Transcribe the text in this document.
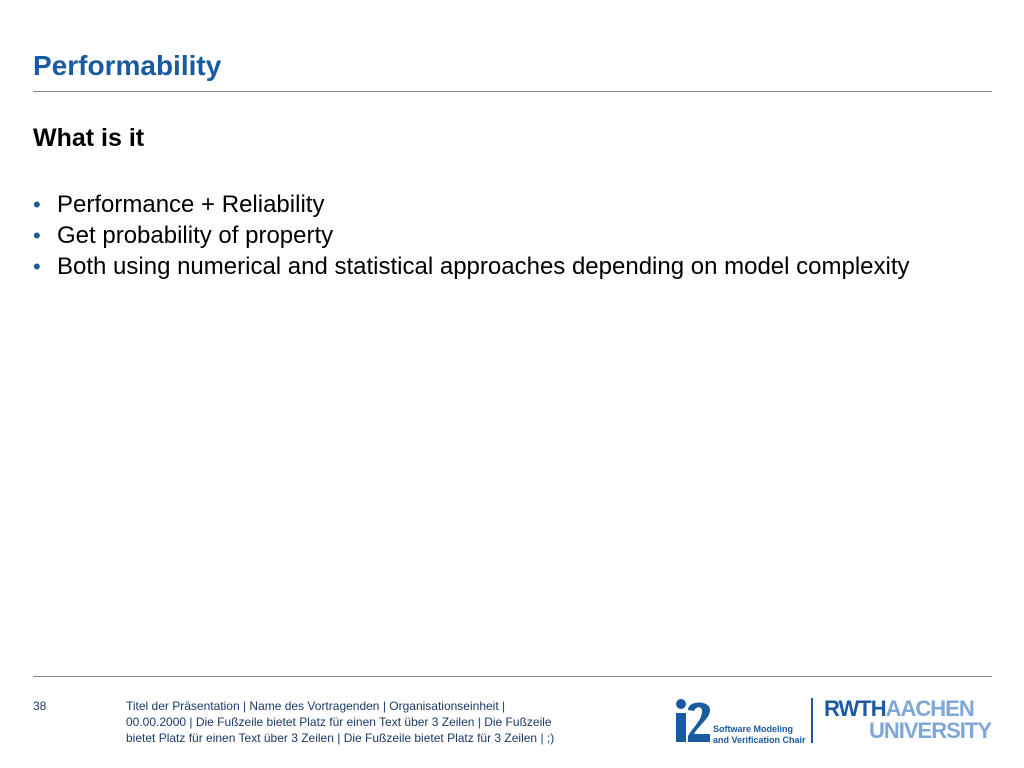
Performability
What is it
• Performance + Reliability
• Get probability of property
• Both using numerical and statistical approaches depending on model complexity
38	Titel der Präsentation | Name des Vortragenden | Organisationseinheit |
00.00.2000 | Die Fußzeile bietet Platz für einen Text über 3 Zeilen | Die Fußzeile
bietet Platz für einen Text über 3 Zeilen | Die Fußzeile bietet Platz für 3 Zeilen | ;)
Software Modeling
and Verification Chair
RWTHAACHEN
UNIVERSITY
